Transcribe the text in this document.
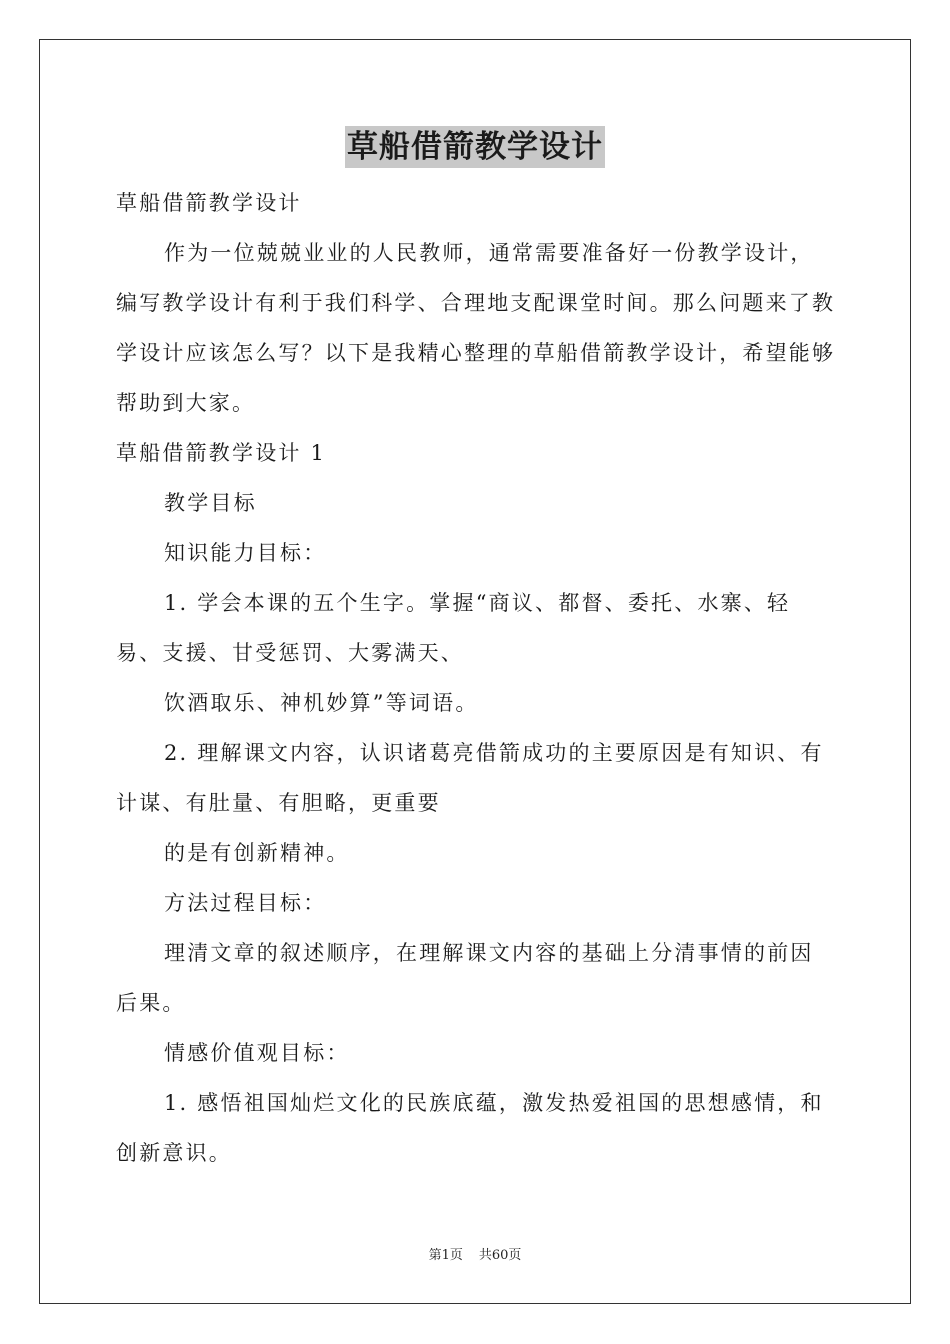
草船借箭教学设计

草船借箭教学设计

作为一位兢兢业业的人民教师，通常需要准备好一份教学设计，编写教学设计有利于我们科学、合理地支配课堂时间。那么问题来了教学设计应该怎么写？以下是我精心整理的草船借箭教学设计，希望能够帮助到大家。

草船借箭教学设计 1

教学目标

知识能力目标：

1. 学会本课的五个生字。掌握“商议、都督、委托、水寨、轻易、支援、甘受惩罚、大雾满天、

饮酒取乐、神机妙算”等词语。

2. 理解课文内容，认识诸葛亮借箭成功的主要原因是有知识、有计谋、有肚量、有胆略，更重要

的是有创新精神。

方法过程目标：

理清文章的叙述顺序，在理解课文内容的基础上分清事情的前因后果。

情感价值观目标：

1. 感悟祖国灿烂文化的民族底蕴，激发热爱祖国的思想感情，和创新意识。

第1页 共60页
